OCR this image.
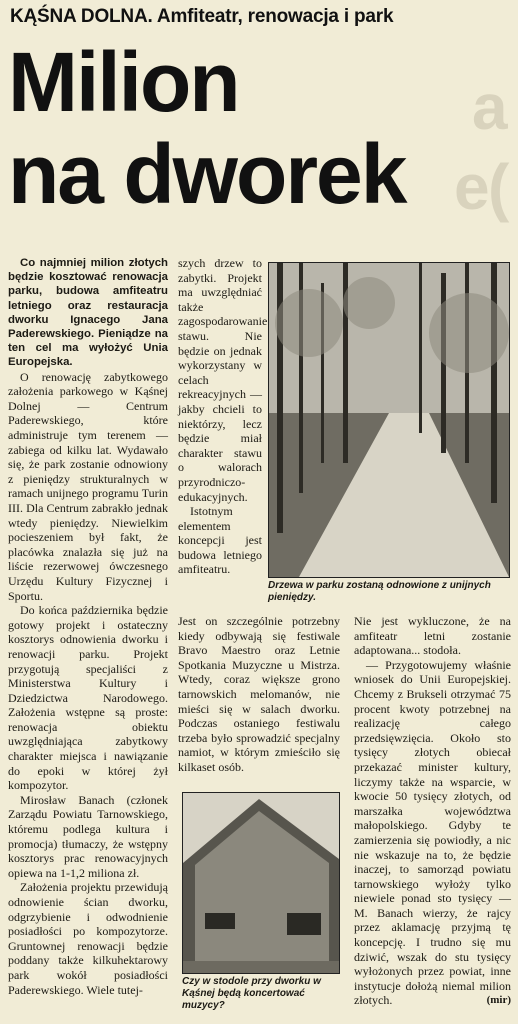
a
e
(
KĄŚNA DOLNA. Amfiteatr, renowacja i park
Milion
na dworek

Co najmniej milion złotych będzie kosztować renowacja parku, budowa amfiteatru letniego oraz restauracja dworku Ignacego Jana Paderewskiego. Pieniądze na ten cel ma wyłożyć Unia Europejska.

O renowację zabytkowego założenia parkowego w Kąśnej Dolnej — Centrum Paderewskiego, które administruje tym terenem — zabiega od kilku lat. Wydawało się, że park zostanie odnowiony z pieniędzy strukturalnych w ramach unijnego programu Turin III. Dla Centrum zabrakło jednak wtedy pieniędzy. Niewielkim pocieszeniem był fakt, że placówka znalazła się już na liście rezerwowej ówczesnego Urzędu Kultury Fizycznej i Sportu.

Do końca października będzie gotowy projekt i ostateczny kosztorys odnowienia dworku i renowacji parku. Projekt przygotują specjaliści z Ministerstwa Kultury i Dziedzictwa Narodowego. Założenia wstępne są proste: renowacja obiektu uwzględniająca zabytkowy charakter miejsca i nawiązanie do epoki w której żył kompozytor.

Mirosław Banach (członek Zarządu Powiatu Tarnowskiego, któremu podlega kultura i promocja) tłumaczy, że wstępny kosztorys prac renowacyjnych opiewa na 1-1,2 miliona zł.

Założenia projektu przewidują odnowienie ścian dworku, odgrzybienie i odwodnienie posiadłości po kompozytorze. Gruntownej renowacji będzie poddany także kilkuhektarowy park wokół posiadłości Paderewskiego. Wiele tutej-

szych drzew to zabytki. Projekt ma uwzględniać także zagospodarowanie stawu. Nie będzie on jednak wykorzystany w celach rekreacyjnych — jakby chcieli to niektórzy, lecz będzie miał charakter stawu o walorach przyrodniczo-edukacyjnych.

Istotnym elementem koncepcji jest budowa letniego amfiteatru.

Jest on szczególnie potrzebny kiedy odbywają się festiwale Bravo Maestro oraz Letnie Spotkania Muzyczne u Mistrza. Wtedy, coraz większe grono tarnowskich melomanów, nie mieści się w salach dworku. Podczas ostaniego festiwalu trzeba było sprowadzić specjalny namiot, w którym zmieściło się kilkaset osób.

Nie jest wykluczone, że na amfiteatr letni zostanie adaptowana... stodoła.

— Przygotowujemy właśnie wniosek do Unii Europejskiej. Chcemy z Brukseli otrzymać 75 procent kwoty potrzebnej na realizację całego przedsięwzięcia. Około sto tysięcy złotych obiecał przekazać minister kultury, liczymy także na wsparcie, w kwocie 50 tysięcy złotych, od marszałka województwa małopolskiego. Gdyby te zamierzenia się powiodły, a nic nie wskazuje na to, że będzie inaczej, to samorząd powiatu tarnowskiego wyłoży tylko niewiele ponad sto tysięcy — M. Banach wierzy, że rajcy przez aklamację przyjmą tę koncepcję. I trudno się mu dziwić, wszak do stu tysięcy wyłożonych przez powiat, inne instytucje dołożą niemal milion złotych.	(mir)

Drzewa w parku zostaną odnowione z unijnych pieniędzy.
Czy w stodole przy dworku w Kąśnej będą koncertować muzycy?
